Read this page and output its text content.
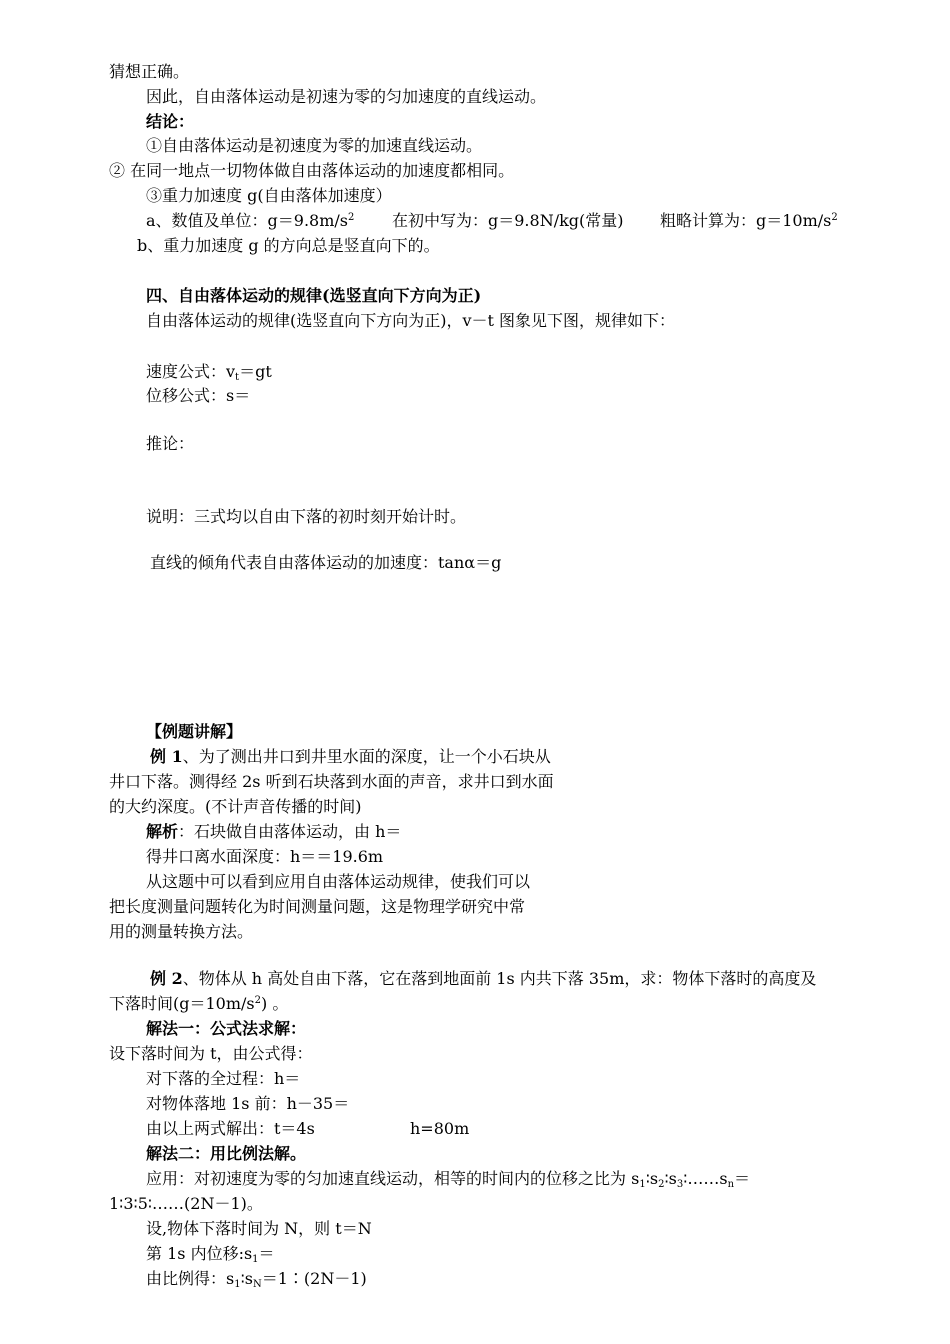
猜想正确。
因此，自由落体运动是初速为零的匀加速度的直线运动。
结论：
①自由落体运动是初速度为零的加速直线运动。
② 在同一地点一切物体做自由落体运动的加速度都相同。
③重力加速度 g(自由落体加速度）
a、数值及单位：$g=9.8m/s^2$ 在初中写为：g＝9.8N/kg(常量) 粗略计算为：$g=10m/s^2$
b、重力加速度 g 的方向总是竖直向下的。
四、自由落体运动的规律(选竖直向下方向为正)
自由落体运动的规律(选竖直向下方向为正)，v－t 图象见下图，规律如下：
速度公式：$v_t=gt$
位移公式：s＝
推论：
说明：三式均以自由下落的初时刻开始计时。
直线的倾角代表自由落体运动的加速度：tanα＝g
【例题讲解】
例 1、为了测出井口到井里水面的深度，让一个小石块从
井口下落。测得经 2s 听到石块落到水面的声音，求井口到水面
的大约深度。(不计声音传播的时间)
解析：石块做自由落体运动，由 h＝
得井口离水面深度：h＝＝19.6m
从这题中可以看到应用自由落体运动规律，使我们可以
把长度测量问题转化为时间测量问题，这是物理学研究中常
用的测量转换方法。
例 2、物体从 h 高处自由下落，它在落到地面前 1s 内共下落 35m，求：物体下落时的高度及
下落时间$(g=10m/s^2)$ 。
解法一：公式法求解：
设下落时间为 t，由公式得：
对下落的全过程：h＝
对物体落地 1s 前：h－35＝
由以上两式解出：t＝4s	h=80m
解法二：用比例法解。
应用：对初速度为零的匀加速直线运动，相等的时间内的位移之比为 $s_1∶s_2∶s_3∶\dots\dots s_n=$
1∶3∶5∶……(2N－1)。
设,物体下落时间为 N，则 t＝N
第 1s 内位移$:s_1=$
由比例得：$s_1∶s_N=1∶(2N-1)$
